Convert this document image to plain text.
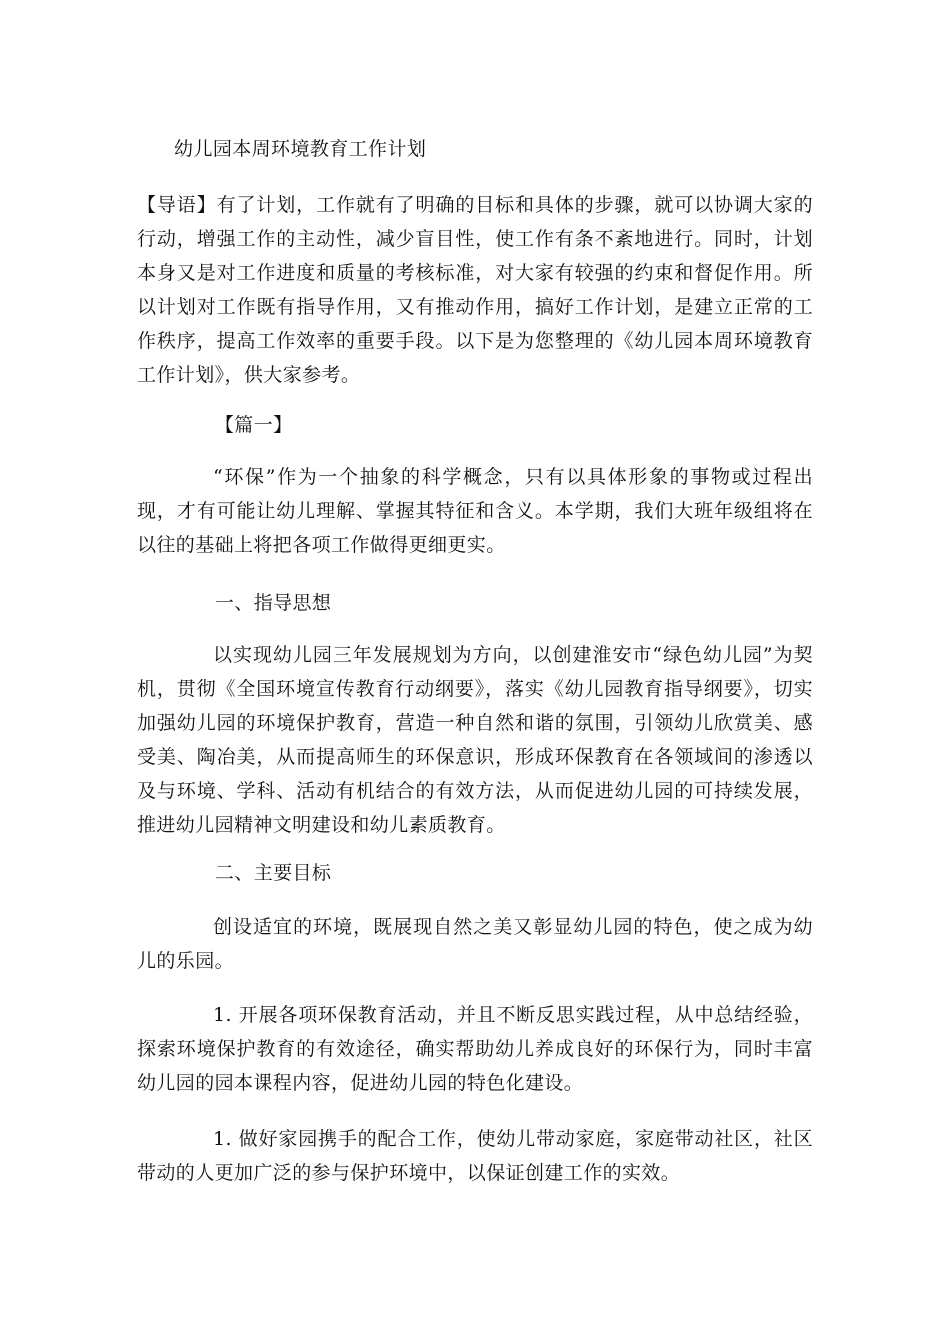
幼儿园本周环境教育工作计划

【导语】有了计划，工作就有了明确的目标和具体的步骤，就可以协调大家的行动，增强工作的主动性，减少盲目性，使工作有条不紊地进行。同时，计划本身又是对工作进度和质量的考核标准，对大家有较强的约束和督促作用。所以计划对工作既有指导作用，又有推动作用，搞好工作计划，是建立正常的工作秩序，提高工作效率的重要手段。以下是为您整理的《幼儿园本周环境教育工作计划》，供大家参考。

【篇一】

“环保”作为一个抽象的科学概念，只有以具体形象的事物或过程出现，才有可能让幼儿理解、掌握其特征和含义。本学期，我们大班年级组将在以往的基础上将把各项工作做得更细更实。

一、指导思想

以实现幼儿园三年发展规划为方向，以创建淮安市“绿色幼儿园”为契机，贯彻《全国环境宣传教育行动纲要》，落实《幼儿园教育指导纲要》，切实加强幼儿园的环境保护教育，营造一种自然和谐的氛围，引领幼儿欣赏美、感受美、陶冶美，从而提高师生的环保意识，形成环保教育在各领域间的渗透以及与环境、学科、活动有机结合的有效方法，从而促进幼儿园的可持续发展，推进幼儿园精神文明建设和幼儿素质教育。

二、主要目标

创设适宜的环境，既展现自然之美又彰显幼儿园的特色，使之成为幼儿的乐园。

1. 开展各项环保教育活动，并且不断反思实践过程，从中总结经验，探索环境保护教育的有效途径，确实帮助幼儿养成良好的环保行为，同时丰富幼儿园的园本课程内容，促进幼儿园的特色化建设。

1. 做好家园携手的配合工作，使幼儿带动家庭，家庭带动社区，社区带动的人更加广泛的参与保护环境中，以保证创建工作的实效。
